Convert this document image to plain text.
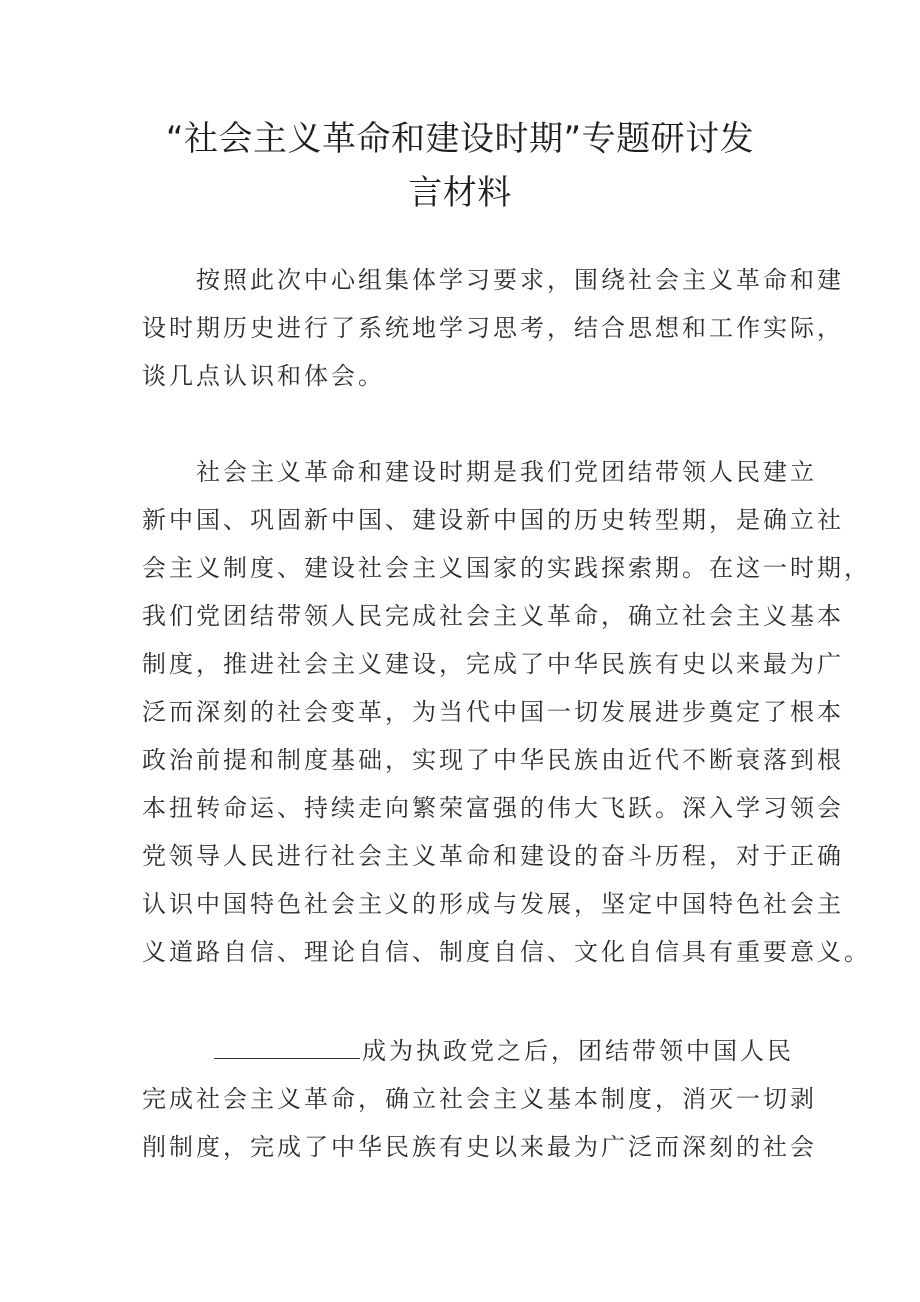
“社会主义革命和建设时期”专题研讨发
言材料
　　按照此次中心组集体学习要求，围绕社会主义革命和建
设时期历史进行了系统地学习思考，结合思想和工作实际，
谈几点认识和体会。
　　社会主义革命和建设时期是我们党团结带领人民建立
新中国、巩固新中国、建设新中国的历史转型期，是确立社
会主义制度、建设社会主义国家的实践探索期。在这一时期，
我们党团结带领人民完成社会主义革命，确立社会主义基本
制度，推进社会主义建设，完成了中华民族有史以来最为广
泛而深刻的社会变革，为当代中国一切发展进步奠定了根本
政治前提和制度基础，实现了中华民族由近代不断衰落到根
本扭转命运、持续走向繁荣富强的伟大飞跃。深入学习领会
党领导人民进行社会主义革命和建设的奋斗历程，对于正确
认识中国特色社会主义的形成与发展，坚定中国特色社会主
义道路自信、理论自信、制度自信、文化自信具有重要意义。
成为执政党之后，团结带领中国人民
完成社会主义革命，确立社会主义基本制度，消灭一切剥
削制度，完成了中华民族有史以来最为广泛而深刻的社会
